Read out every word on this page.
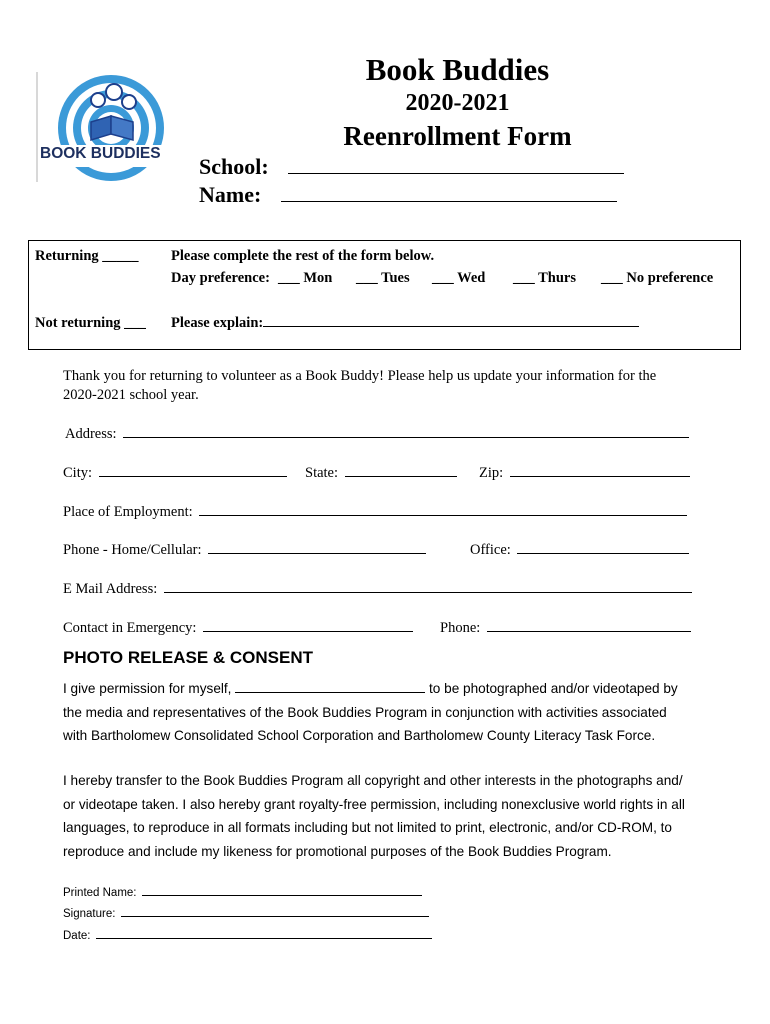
BOOK BUDDIES
Book Buddies
2020-2021
Reenrollment Form
School:
Name:
Returning _____ Please complete the rest of the form below.
Day preference: ___ Mon ___ Tues ___ Wed ___ Thurs ___ No preference
Not returning ___ Please explain:
Thank you for returning to volunteer as a Book Buddy! Please help us update your information for the
2020-2021 school year.
Address:
City:	State:	Zip:
Place of Employment:
Phone - Home/Cellular:	Office:
E Mail Address:
Contact in Emergency:	Phone:
PHOTO RELEASE & CONSENT
I give permission for myself,	to be photographed and/or videotaped by
the media and representatives of the Book Buddies Program in conjunction with activities associated
with Bartholomew Consolidated School Corporation and Bartholomew County Literacy Task Force.
I hereby transfer to the Book Buddies Program all copyright and other interests in the photographs and/
or videotape taken. I also hereby grant royalty-free permission, including nonexclusive world rights in all
languages, to reproduce in all formats including but not limited to print, electronic, and/or CD-ROM, to
reproduce and include my likeness for promotional purposes of the Book Buddies Program.
Printed Name:
Signature:
Date:
